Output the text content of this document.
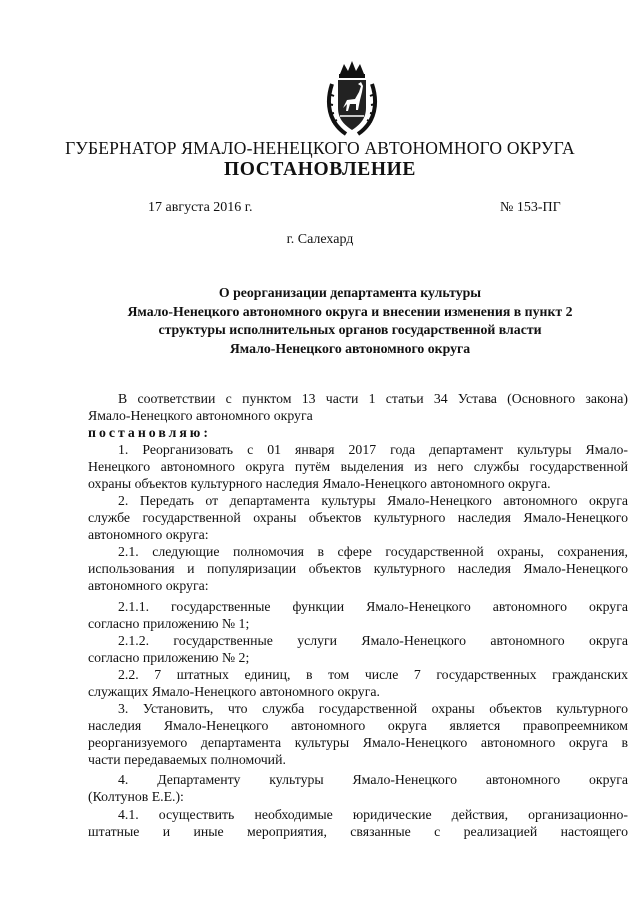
ГУБЕРНАТОР ЯМАЛО-НЕНЕЦКОГО АВТОНОМНОГО ОКРУГА
ПОСТАНОВЛЕНИЕ
17 августа 2016 г.	№ 153-ПГ
г. Салехард
О реорганизации департамента культуры
Ямало-Ненецкого автономного округа и внесении изменения в пункт 2
структуры исполнительных органов государственной власти
Ямало-Ненецкого автономного округа
В соответствии с пунктом 13 части 1 статьи 34 Устава (Основного закона)
Ямало-Ненецкого автономного округа
постановляю:
1. Реорганизовать с 01 января 2017 года департамент культуры Ямало-
Ненецкого автономного округа путём выделения из него службы государственной
охраны объектов культурного наследия Ямало-Ненецкого автономного округа.
2. Передать от департамента культуры Ямало-Ненецкого автономного округа
службе государственной охраны объектов культурного наследия Ямало-Ненецкого
автономного округа:
2.1. следующие полномочия в сфере государственной охраны, сохранения,
использования и популяризации объектов культурного наследия Ямало-Ненецкого
автономного округа:
2.1.1. государственные функции Ямало-Ненецкого автономного округа
согласно приложению № 1;
2.1.2. государственные услуги Ямало-Ненецкого автономного округа
согласно приложению № 2;
2.2. 7 штатных единиц, в том числе 7 государственных гражданских
служащих Ямало-Ненецкого автономного округа.
3. Установить, что служба государственной охраны объектов культурного
наследия Ямало-Ненецкого автономного округа является правопреемником
реорганизуемого департамента культуры Ямало-Ненецкого автономного округа в
части передаваемых полномочий.
4. Департаменту культуры Ямало-Ненецкого автономного округа
(Колтунов Е.Е.):
4.1. осуществить необходимые юридические действия, организационно-
штатные и иные мероприятия, связанные с реализацией настоящего
